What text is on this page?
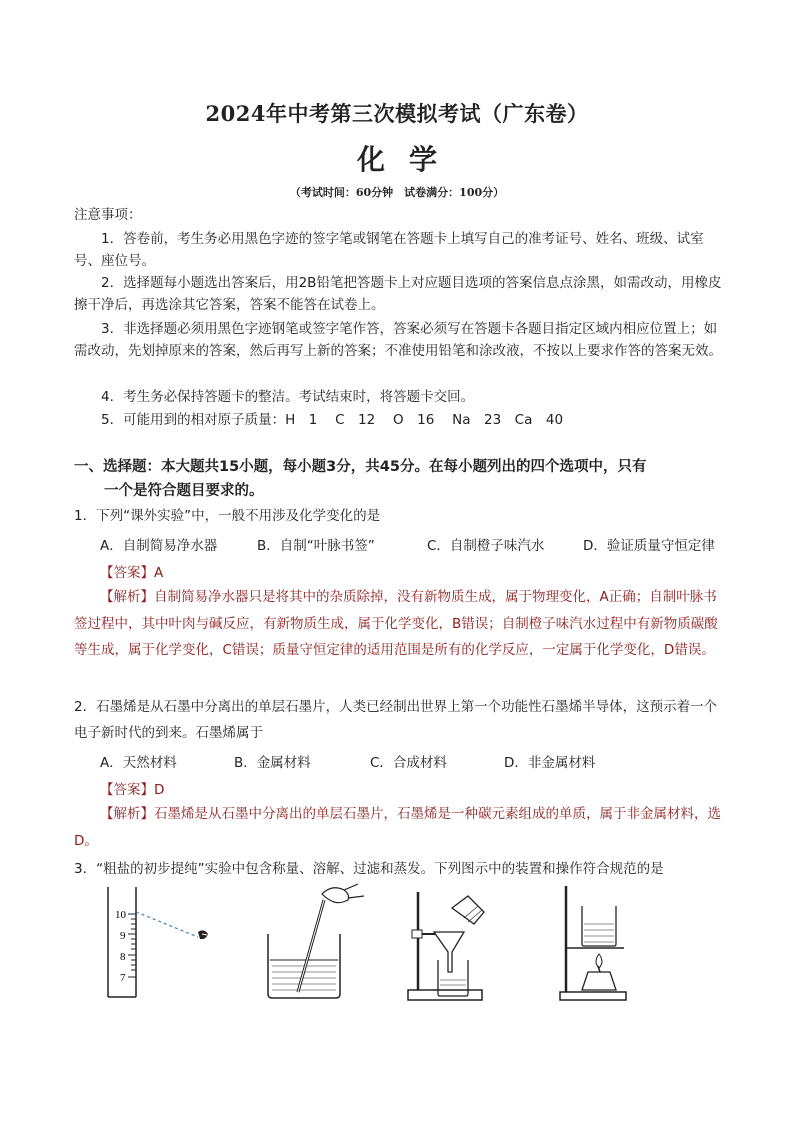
2024年中考第三次模拟考试（广东卷）
化学
（考试时间：60分钟　试卷满分：100分）
注意事项：
1．答卷前，考生务必用黑色字迹的签字笔或钢笔在答题卡上填写自己的准考证号、姓名、班级、试室号、座位号。
2．选择题每小题选出答案后，用2B铅笔把答题卡上对应题目选项的答案信息点涂黑，如需改动，用橡皮擦干净后，再选涂其它答案，答案不能答在试卷上。
3．非选择题必须用黑色字迹钢笔或签字笔作答，答案必须写在答题卡各题目指定区域内相应位置上；如需改动，先划掉原来的答案，然后再写上新的答案；不准使用铅笔和涂改液，不按以上要求作答的答案无效。
4．考生务必保持答题卡的整洁。考试结束时，将答题卡交回。
5．可能用到的相对原子质量：H　1　 C　12　 O　16　 Na　23　Ca　40
一、选择题：本大题共15小题，每小题3分，共45分。在每小题列出的四个选项中，只有
一个是符合题目要求的。
1．下列“课外实验”中，一般不用涉及化学变化的是
A．自制简易净水器	B．自制“叶脉书签”	C．自制橙子味汽水	D．验证质量守恒定律
【答案】A
【解析】自制简易净水器只是将其中的杂质除掉，没有新物质生成，属于物理变化，A正确；自制叶脉书签过程中，其中叶肉与碱反应，有新物质生成，属于化学变化，B错误；自制橙子味汽水过程中有新物质碳酸等生成，属于化学变化，C错误；质量守恒定律的适用范围是所有的化学反应，一定属于化学变化，D错误。
2．石墨烯是从石墨中分离出的单层石墨片，人类已经制出世界上第一个功能性石墨烯半导体，这预示着一个电子新时代的到来。石墨烯属于
A．天然材料	B．金属材料	C．合成材料	D．非金属材料
【答案】D
【解析】石墨烯是从石墨中分离出的单层石墨片，石墨烯是一种碳元素组成的单质，属于非金属材料，选D。
3．“粗盐的初步提纯”实验中包含称量、溶解、过滤和蒸发。下列图示中的装置和操作符合规范的是
10
9
8
7
